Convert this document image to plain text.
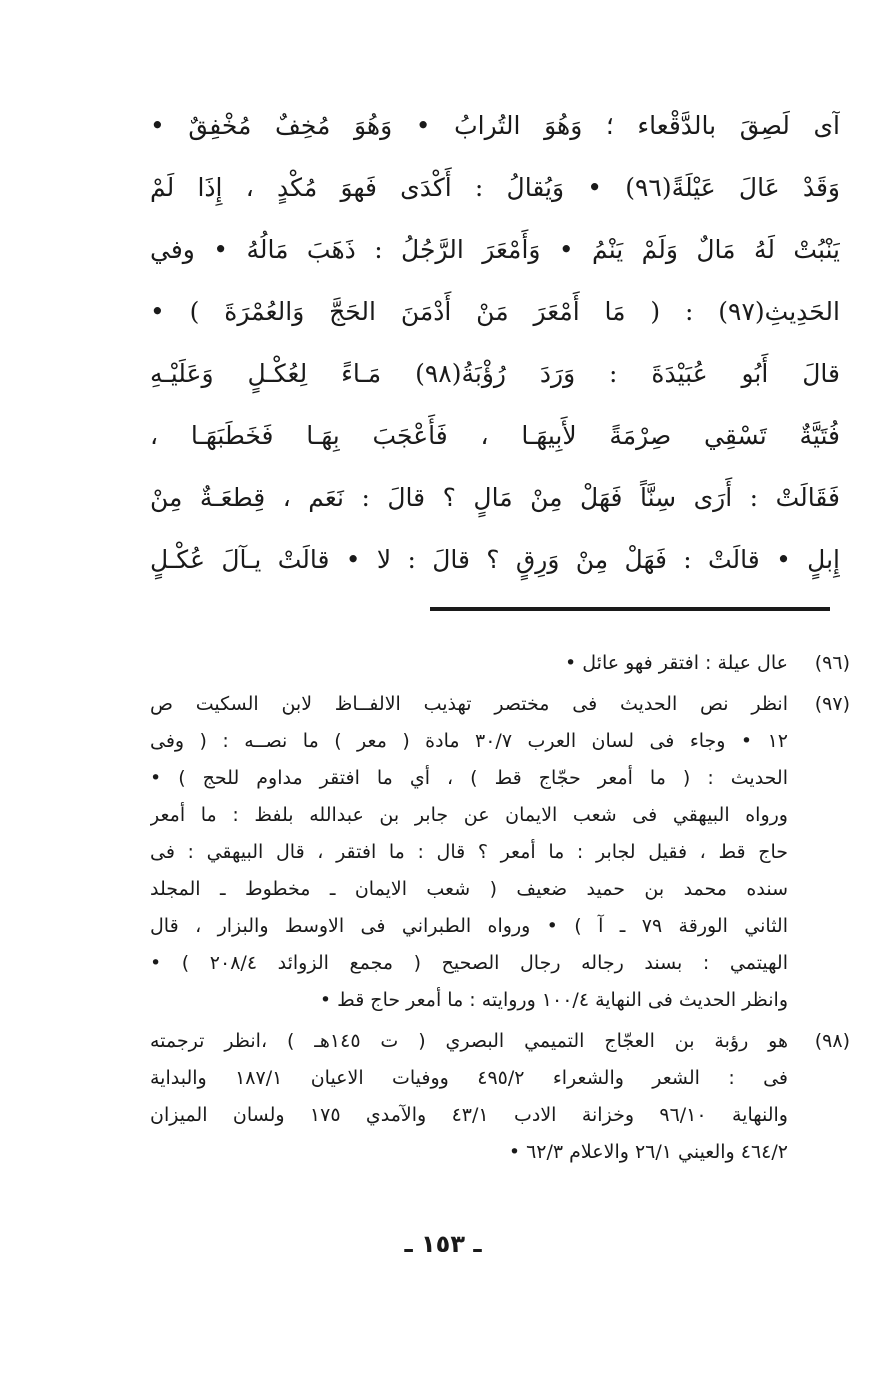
آى لَصِقَ بالدَّقْعاء ؛ وَهُوَ التُرابُ • وَهُوَ مُخِفٌ مُخْفِقٌ •
وَقَدْ عَالَ عَيْلَةً(٩٦) • وَيُقالُ : أَكْدَى فَهوَ مُكْدٍ ، إِذَا لَمْ
يَنْبُتْ لَهُ مَالٌ وَلَمْ يَنْمُ • وَأَمْعَرَ الرَّجُلُ : ذَهَبَ مَالُهُ • وفي
الحَدِيثِ(٩٧) : ( مَا أَمْعَرَ مَنْ أَدْمَنَ الحَجَّ وَالعُمْرَةَ ) •
قالَ أَبُو عُبَيْدَةَ : وَرَدَ رُؤْبَةُ(٩٨) مَـاءً لِعُكْـلٍ وَعَلَيْـهِ
فُتَيَّةٌ تَسْقِي صِرْمَةً لأَبِيهَـا ، فَأَعْجَبَ بِهَـا فَخَطَبَهَـا ،
فَقَالَتْ : أَرَى سِنَّاً فَهَلْ مِنْ مَالٍ ؟ قالَ : نَعَم ، قِطعَـةٌ مِنْ
إِبلٍ • قالَتْ : فَهَلْ مِنْ وَرِقٍ ؟ قالَ : لا • قالَتْ يـآلَ عُكْـلٍ
(٩٦)
عال عيلة : افتقر فهو عائل •
(٩٧)
انظر نص الحديث فى مختصر تهذيب الالفــاظ لابن السكيت ص
١٢ • وجاء فى لسان العرب ٣٠/٧ مادة ( معر ) ما نصــه : ( وفى
الحديث : ( ما أمعر حجّاج قط ) ، أي ما افتقر مداوم للحج ) •
ورواه البيهقي فى شعب الايمان عن جابر بن عبدالله بلفظ : ما أمعر
حاج قط ، فقيل لجابر : ما أمعر ؟ قال : ما افتقر ، قال البيهقي : فى
سنده محمد بن حميد ضعيف ( شعب الايمان ـ مخطوط ـ المجلد
الثاني الورقة ٧٩ ـ آ ) • ورواه الطبراني فى الاوسط والبزار ، قال
الهيتمي : بسند رجاله رجال الصحيح ( مجمع الزوائد ٢٠٨/٤ ) •
وانظر الحديث فى النهاية ١٠٠/٤ وروايته : ما أمعر حاج قط •
(٩٨)
هو رؤبة بن العجّاج التميمي البصري ( ت ١٤٥هـ ) ،انظر ترجمته
فى : الشعر والشعراء ٤٩٥/٢ ووفيات الاعيان ١٨٧/١ والبداية
والنهاية ٩٦/١٠ وخزانة الادب ٤٣/١ والآمدي ١٧٥ ولسان الميزان
٤٦٤/٢ والعيني ٢٦/١ والاعلام ٦٢/٣ •
ـ ١٥٣ ـ
